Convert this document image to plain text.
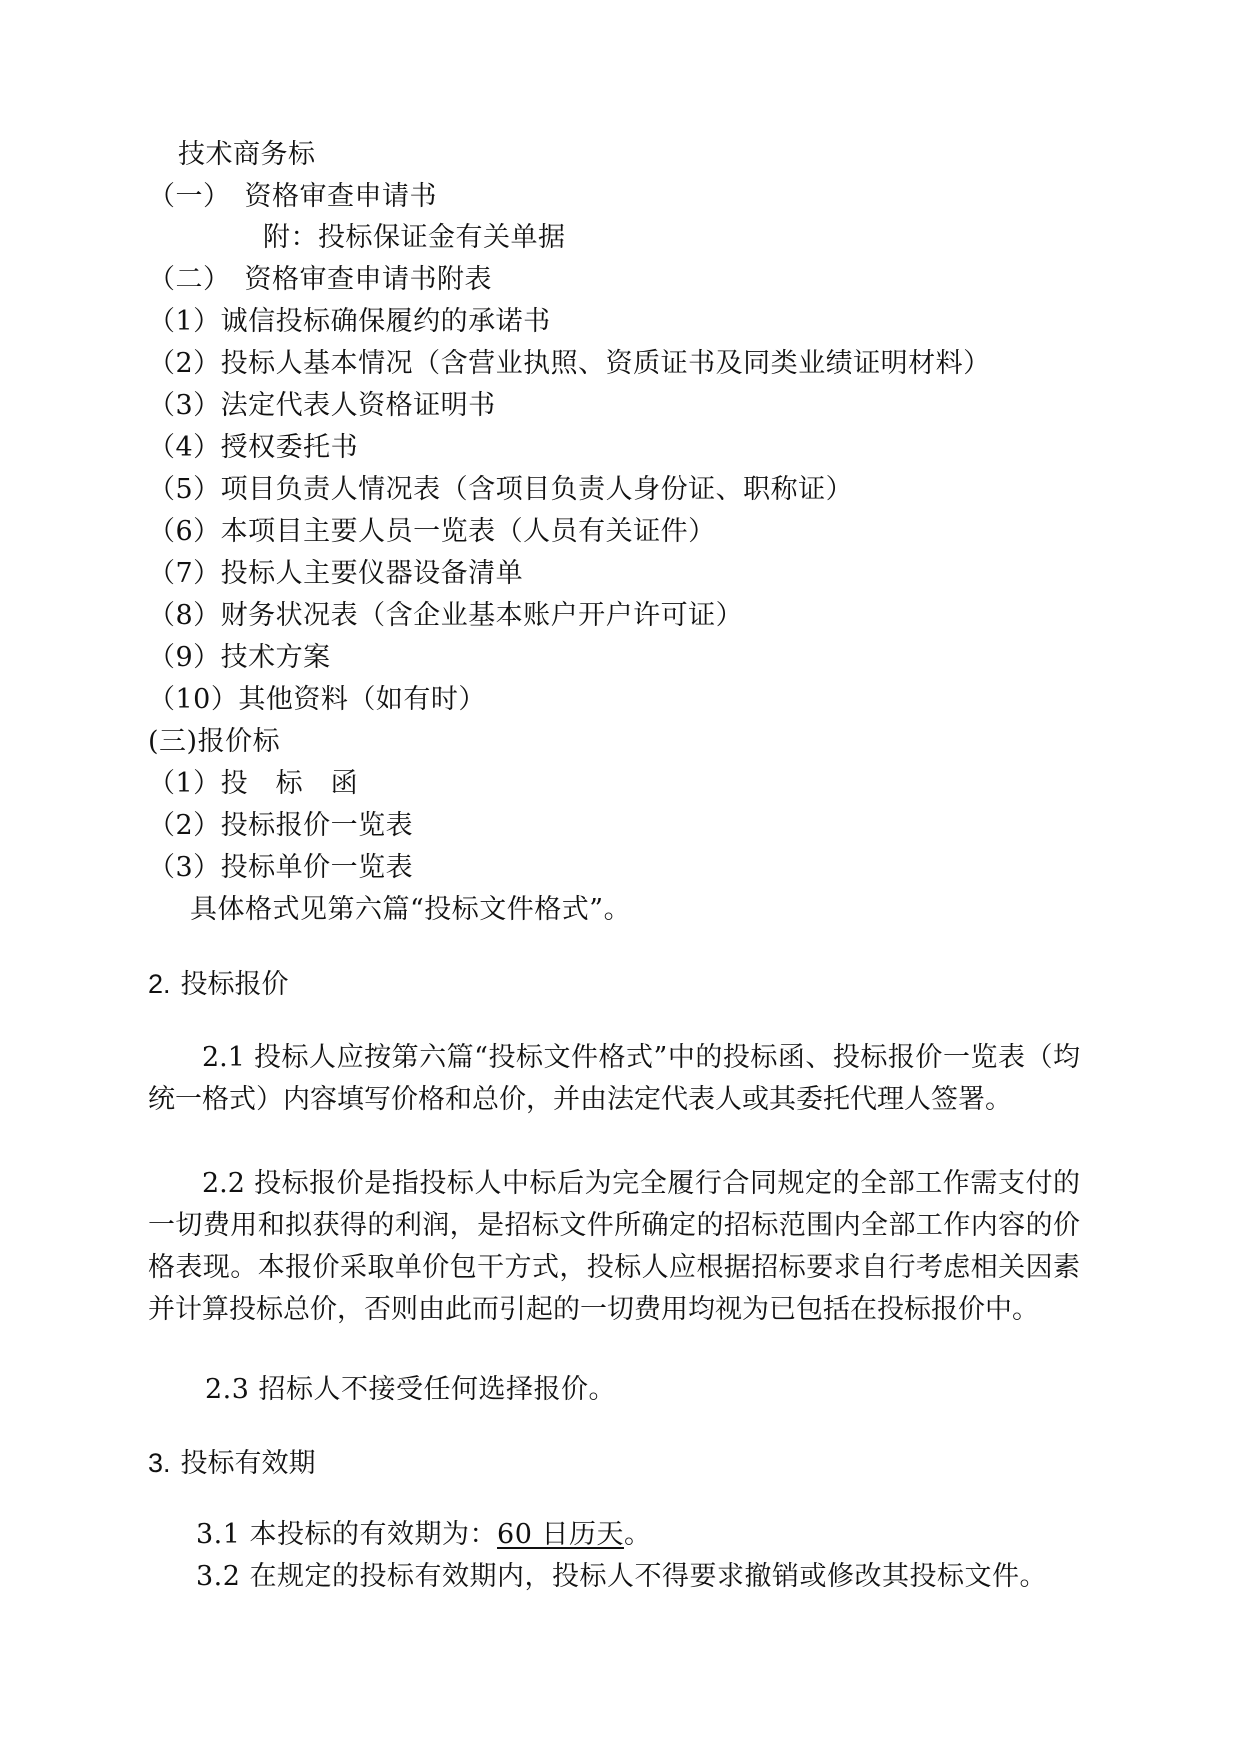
技术商务标
（一）　资格审查申请书
附：投标保证金有关单据
（二）　资格审查申请书附表
（1）诚信投标确保履约的承诺书
（2）投标人基本情况（含营业执照、资质证书及同类业绩证明材料）
（3）法定代表人资格证明书
（4）授权委托书
（5）项目负责人情况表（含项目负责人身份证、职称证）
（6）本项目主要人员一览表（人员有关证件）
（7）投标人主要仪器设备清单
（8）财务状况表（含企业基本账户开户许可证）
（9）技术方案
（10）其他资料（如有时）
(三)报价标
（1）投　标　函
（2）投标报价一览表
（3）投标单价一览表
具体格式见第六篇“投标文件格式”。
2. 投标报价
2.1 投标人应按第六篇“投标文件格式”中的投标函、投标报价一览表（均统一格式）内容填写价格和总价，并由法定代表人或其委托代理人签署。
2.2 投标报价是指投标人中标后为完全履行合同规定的全部工作需支付的一切费用和拟获得的利润，是招标文件所确定的招标范围内全部工作内容的价格表现。本报价采取单价包干方式，投标人应根据招标要求自行考虑相关因素并计算投标总价，否则由此而引起的一切费用均视为已包括在投标报价中。
2.3 招标人不接受任何选择报价。
3. 投标有效期
3.1 本投标的有效期为：60 日历天。
3.2 在规定的投标有效期内，投标人不得要求撤销或修改其投标文件。
